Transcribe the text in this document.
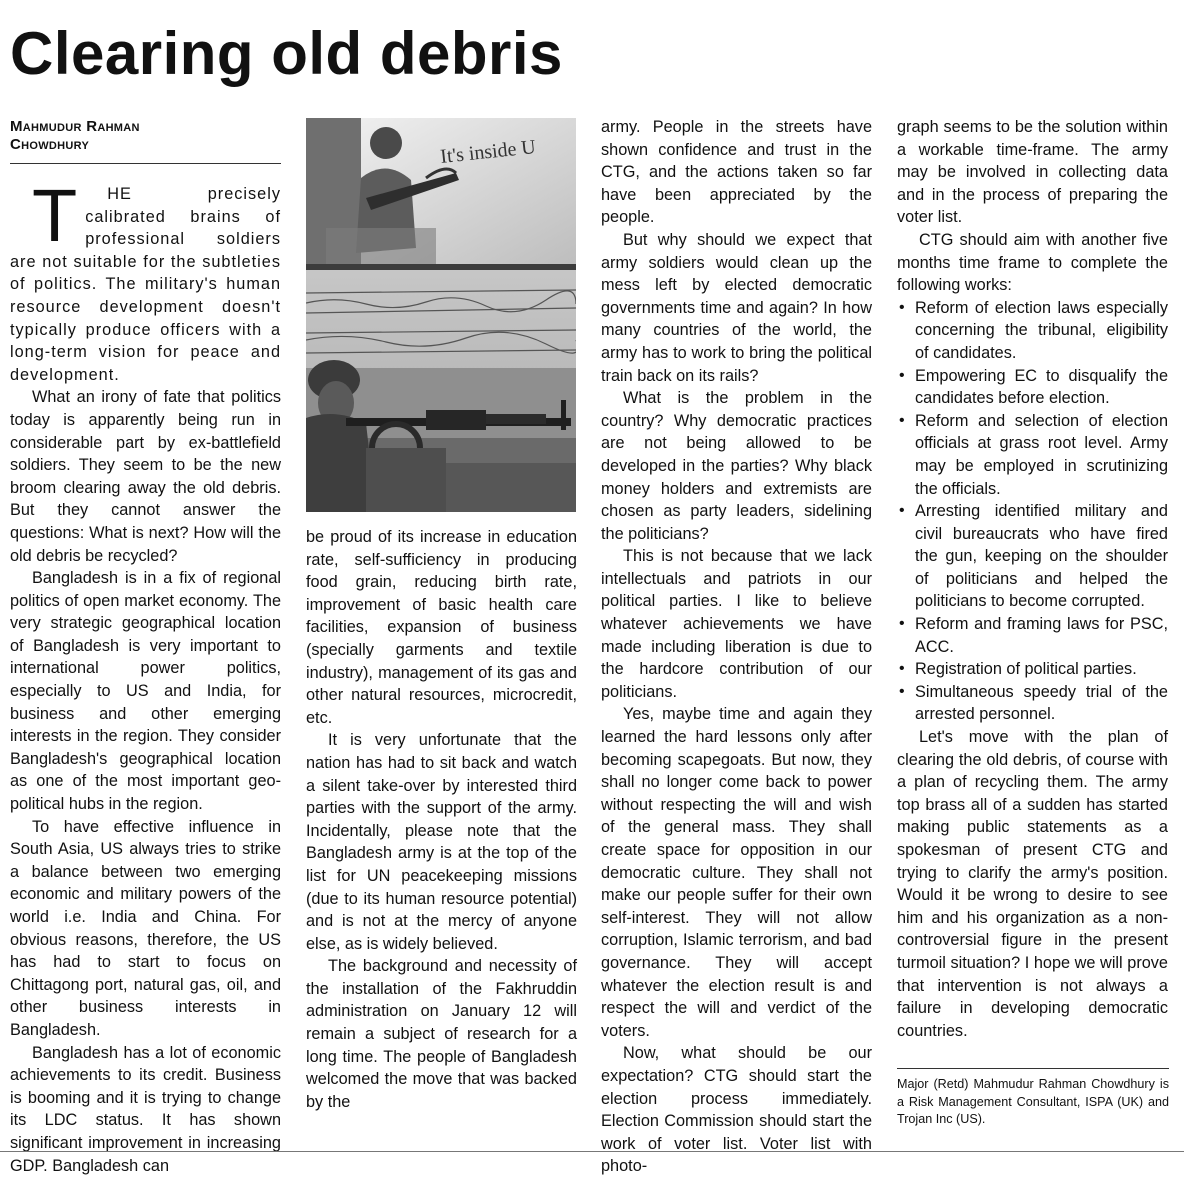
Clearing old debris
Mahmudur Rahman
Chowdhury

T HE precisely calibrated brains of professional soldiers are not suitable for the subtleties of politics. The military's human resource development doesn't typically produce officers with a long-term vision for peace and development.

What an irony of fate that politics today is apparently being run in considerable part by ex-battlefield soldiers. They seem to be the new broom clearing away the old debris. But they cannot answer the questions: What is next? How will the old debris be recycled?

Bangladesh is in a fix of regional politics of open market economy. The very strategic geographical location of Bangladesh is very important to international power politics, especially to US and India, for business and other emerging interests in the region. They consider Bangladesh's geographical location as one of the most important geo-political hubs in the region.

To have effective influence in South Asia, US always tries to strike a balance between two emerging economic and military powers of the world i.e. India and China. For obvious reasons, therefore, the US has had to start to focus on Chittagong port, natural gas, oil, and other business interests in Bangladesh.

Bangladesh has a lot of economic achievements to its credit. Business is booming and it is trying to change its LDC status. It has shown significant improvement in increasing GDP. Bangladesh can

It's inside U

be proud of its increase in education rate, self-sufficiency in producing food grain, reducing birth rate, improvement of basic health care facilities, expansion of business (specially garments and textile industry), management of its gas and other natural resources, microcredit, etc.

It is very unfortunate that the nation has had to sit back and watch a silent take-over by interested third parties with the support of the army. Incidentally, please note that the Bangladesh army is at the top of the list for UN peacekeeping missions (due to its human resource potential) and is not at the mercy of anyone else, as is widely believed.

The background and necessity of the installation of the Fakhruddin administration on January 12 will remain a subject of research for a long time. The people of Bangladesh welcomed the move that was backed by the

army. People in the streets have shown confidence and trust in the CTG, and the actions taken so far have been appreciated by the people.

But why should we expect that army soldiers would clean up the mess left by elected democratic governments time and again? In how many countries of the world, the army has to work to bring the political train back on its rails?

What is the problem in the country? Why democratic practices are not being allowed to be developed in the parties? Why black money holders and extremists are chosen as party leaders, sidelining the politicians?

This is not because that we lack intellectuals and patriots in our political parties. I like to believe whatever achievements we have made including liberation is due to the hardcore contribution of our politicians.

Yes, maybe time and again they learned the hard lessons only after becoming scapegoats. But now, they shall no longer come back to power without respecting the will and wish of the general mass. They shall create space for opposition in our democratic culture. They shall not make our people suffer for their own self-interest. They will not allow corruption, Islamic terrorism, and bad governance. They will accept whatever the election result is and respect the will and verdict of the voters.

Now, what should be our expectation? CTG should start the election process immediately. Election Commission should start the work of voter list. Voter list with photo-

graph seems to be the solution within a workable time-frame. The army may be involved in collecting data and in the process of preparing the voter list.

CTG should aim with another five months time frame to complete the following works:

• Reform of election laws especially concerning the tribunal, eligibility of candidates.
• Empowering EC to disqualify the candidates before election.
• Reform and selection of election officials at grass root level. Army may be employed in scrutinizing the officials.
• Arresting identified military and civil bureaucrats who have fired the gun, keeping on the shoulder of politicians and helped the politicians to become corrupted.
• Reform and framing laws for PSC, ACC.
• Registration of political parties.
• Simultaneous speedy trial of the arrested personnel.

Let's move with the plan of clearing the old debris, of course with a plan of recycling them. The army top brass all of a sudden has started making public statements as a spokesman of present CTG and trying to clarify the army's position. Would it be wrong to desire to see him and his organization as a non-controversial figure in the present turmoil situation? I hope we will prove that intervention is not always a failure in developing democratic countries.

Major (Retd) Mahmudur Rahman Chowdhury is a Risk Management Consultant, ISPA (UK) and Trojan Inc (US).
